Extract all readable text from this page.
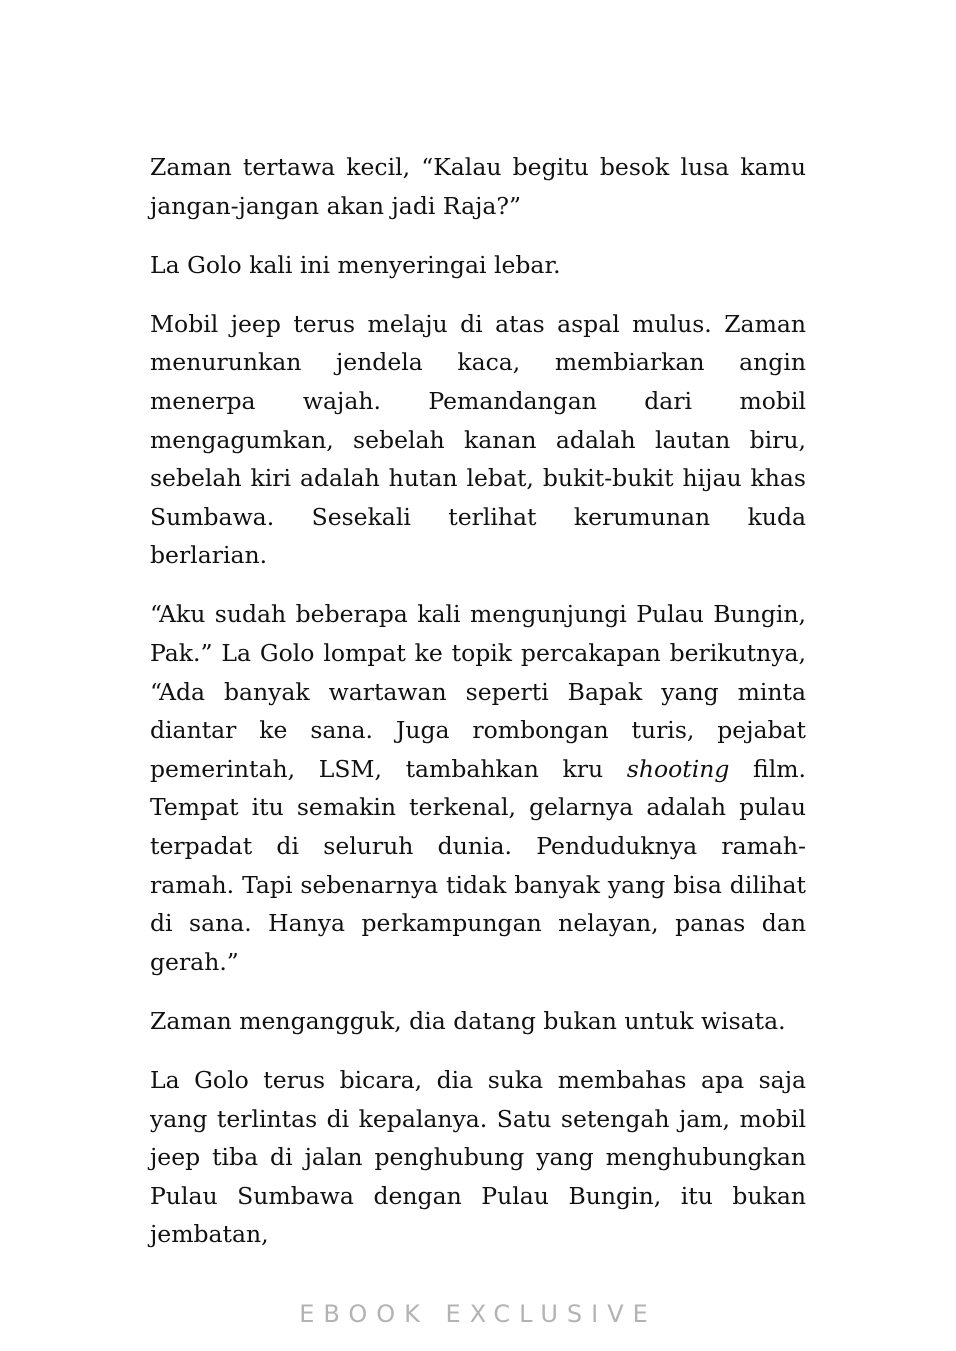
Zaman tertawa kecil, “Kalau begitu besok lusa kamu jangan-jangan akan jadi Raja?”

La Golo kali ini menyeringai lebar.

Mobil jeep terus melaju di atas aspal mulus. Zaman menurunkan jendela kaca, membiarkan angin menerpa wajah. Pemandangan dari mobil mengagumkan, sebelah kanan adalah lautan biru, sebelah kiri adalah hutan lebat, bukit-bukit hijau khas Sumbawa. Sesekali terlihat kerumunan kuda berlarian.

“Aku sudah beberapa kali mengunjungi Pulau Bungin, Pak.” La Golo lompat ke topik percakapan berikutnya, “Ada banyak wartawan seperti Bapak yang minta diantar ke sana. Juga rombongan turis, pejabat pemerintah, LSM, tambahkan kru shooting film. Tempat itu semakin terkenal, gelarnya adalah pulau terpadat di seluruh dunia. Penduduknya ramah-ramah. Tapi sebenarnya tidak banyak yang bisa dilihat di sana. Hanya perkampungan nelayan, panas dan gerah.”

Zaman mengangguk, dia datang bukan untuk wisata.

La Golo terus bicara, dia suka membahas apa saja yang terlintas di kepalanya. Satu setengah jam, mobil jeep tiba di jalan penghubung yang menghubungkan Pulau Sumbawa dengan Pulau Bungin, itu bukan jembatan,

EBOOK EXCLUSIVE
